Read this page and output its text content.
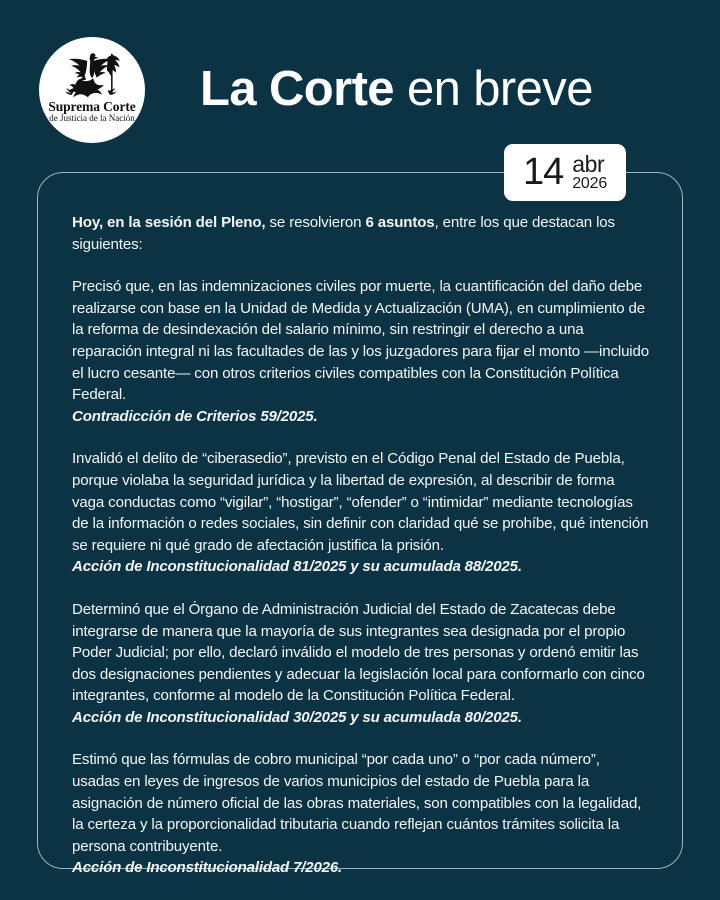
Suprema Corte
de Justicia de la Nación
La Corte en breve
14 abr
2026

Hoy, en la sesión del Pleno, se resolvieron 6 asuntos, entre los que destacan los siguientes:

Precisó que, en las indemnizaciones civiles por muerte, la cuantificación del daño debe realizarse con base en la Unidad de Medida y Actualización (UMA), en cumplimiento de la reforma de desindexación del salario mínimo, sin restringir el derecho a una reparación integral ni las facultades de las y los juzgadores para fijar el monto —incluido el lucro cesante— con otros criterios civiles compatibles con la Constitución Política Federal.
Contradicción de Criterios 59/2025.

Invalidó el delito de “ciberasedio”, previsto en el Código Penal del Estado de Puebla, porque violaba la seguridad jurídica y la libertad de expresión, al describir de forma vaga conductas como “vigilar”, “hostigar”, “ofender” o “intimidar” mediante tecnologías de la información o redes sociales, sin definir con claridad qué se prohíbe, qué intención se requiere ni qué grado de afectación justifica la prisión.
Acción de Inconstitucionalidad 81/2025 y su acumulada 88/2025.

Determinó que el Órgano de Administración Judicial del Estado de Zacatecas debe integrarse de manera que la mayoría de sus integrantes sea designada por el propio Poder Judicial; por ello, declaró inválido el modelo de tres personas y ordenó emitir las dos designaciones pendientes y adecuar la legislación local para conformarlo con cinco integrantes, conforme al modelo de la Constitución Política Federal.
Acción de Inconstitucionalidad 30/2025 y su acumulada 80/2025.

Estimó que las fórmulas de cobro municipal “por cada uno” o “por cada número”, usadas en leyes de ingresos de varios municipios del estado de Puebla para la asignación de número oficial de las obras materiales, son compatibles con la legalidad, la certeza y la proporcionalidad tributaria cuando reflejan cuántos trámites solicita la persona contribuyente.
Acción de Inconstitucionalidad 7/2026.
